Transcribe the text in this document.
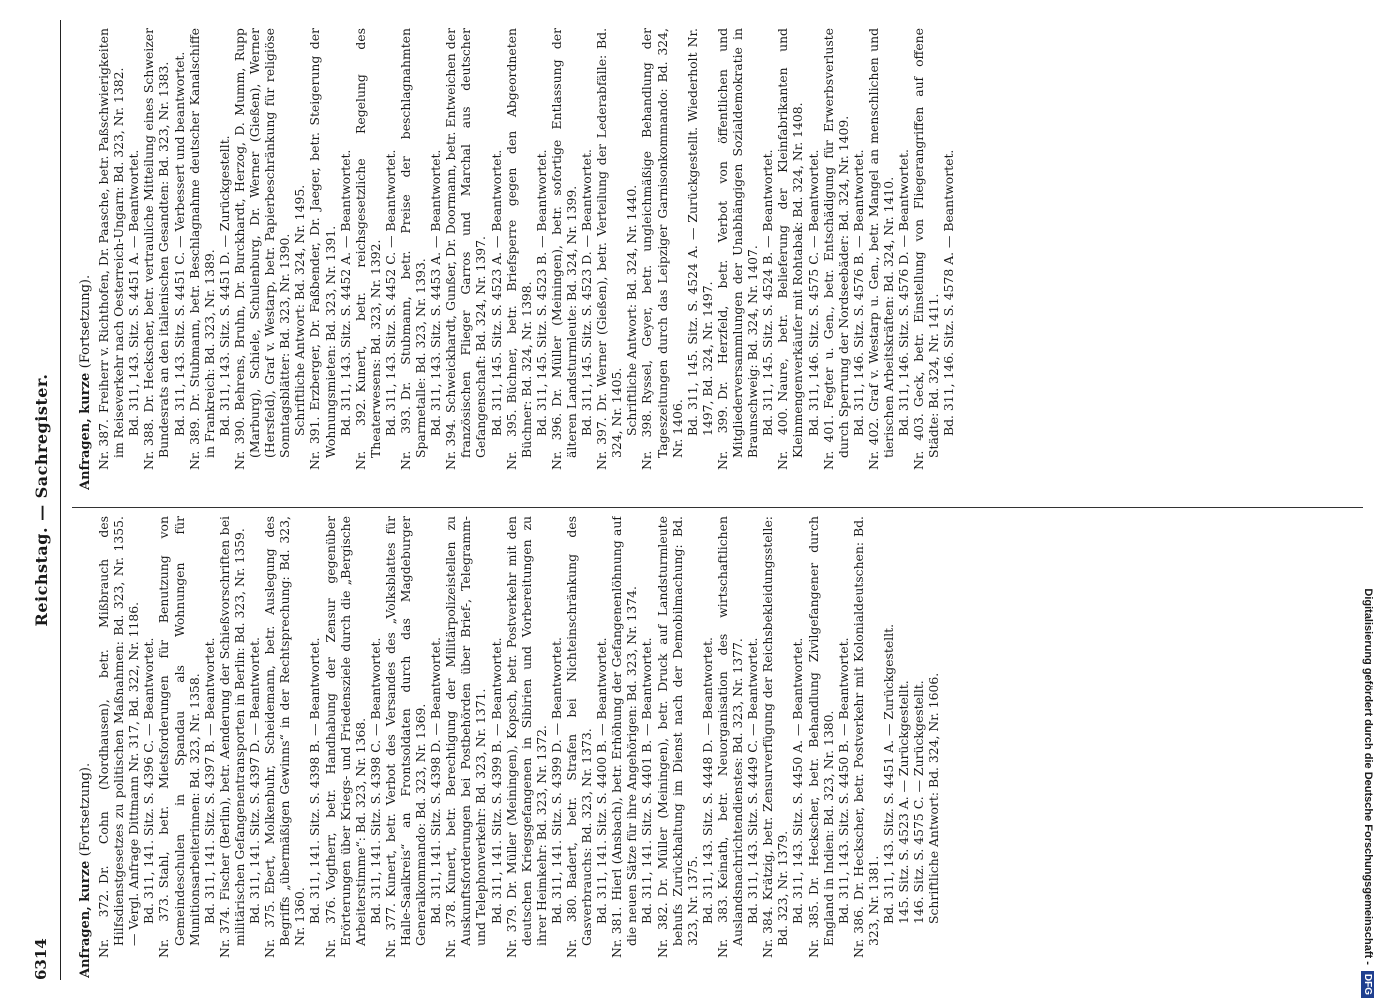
6314
Reichstag. — Sachregister.

Anfragen, kurze (Fortsetzung).

Nr. 372.Dr. Cohn (Nordhausen), betr. Mißbrauch des Hilfsdienstgesetzes zu politischen Maßnahmen: Bd. 323, Nr. 1355. — Vergl. Anfrage Dittmann Nr. 317, Bd. 322, Nr. 1186. Bd. 311, 141. Sitz. S. 4396 C. — Beantwortet.

Nr. 373.Stahl, betr. Mietsforderungen für Benutzung von Gemeindeschulen in Spandau als Wohnungen für Munitionsarbeiterinnen: Bd. 323, Nr. 1358. Bd. 311, 141. Sitz. S. 4397 B. — Beantwortet.

Nr. 374.Fischer (Berlin), betr. Aenderung der Schießvorschriften bei militärischen Gefangenentransporten in Berlin: Bd. 323, Nr. 1359. Bd. 311, 141. Sitz. S. 4397 D. — Beantwortet.

Nr. 375.Ebert, Molkenbuhr, Scheidemann, betr. Auslegung des Begriffs „übermäßigen Gewinns“ in der Rechtsprechung: Bd. 323, Nr. 1360. Bd. 311, 141. Sitz. S. 4398 B. — Beantwortet.

Nr. 376.Vogtherr, betr. Handhabung der Zensur gegenüber Erörterungen über Kriegs- und Friedensziele durch die „Bergische Arbeiterstimme“: Bd. 323, Nr. 1368. Bd. 311, 141. Sitz. S. 4398 C. — Beantwortet.

Nr. 377.Kunert, betr. Verbot des Versandes des „Volksblattes für Halle-Saalkreis“ an Frontsoldaten durch das Magdeburger Generalkommando: Bd. 323, Nr. 1369. Bd. 311, 141. Sitz. S. 4398 D. — Beantwortet.

Nr. 378.Kunert, betr. Berechtigung der Militärpolizeistellen zu Auskunftsforderungen bei Postbehörden über Brief-, Telegramm- und Telephonverkehr: Bd. 323, Nr. 1371. Bd. 311, 141. Sitz. S. 4399 B. — Beantwortet.

Nr. 379.Dr. Müller (Meiningen), Kopsch, betr. Postverkehr mit den deutschen Kriegsgefangenen in Sibirien und Vorbereitungen zu ihrer Heimkehr: Bd. 323, Nr. 1372. Bd. 311, 141. Sitz. S. 4399 D. — Beantwortet.

Nr. 380.Badert, betr. Strafen bei Nichteinschränkung des Gasverbrauchs: Bd. 323, Nr. 1373. Bd. 311, 141. Sitz. S. 4400 B. — Beantwortet.

Nr. 381.Hierl (Ansbach), betr. Erhöhung der Gefangenenlöhnung auf die neuen Sätze für ihre Angehörigen: Bd. 323, Nr. 1374. Bd. 311, 141. Sitz. S. 4401 B. — Beantwortet.

Nr. 382.Dr. Müller (Meiningen), betr. Druck auf Landsturmleute behufs Zurückhaltung im Dienst nach der Demobilmachung: Bd. 323, Nr. 1375. Bd. 311, 143. Sitz. S. 4448 D. — Beantwortet.

Nr. 383.Keinath, betr. Neuorganisation des wirtschaftlichen Auslandsnachrichtendienstes: Bd. 323, Nr. 1377. Bd. 311, 143. Sitz. S. 4449 C. — Beantwortet.

Nr. 384.Krätzig, betr. Zensurverfügung der Reichsbekleidungsstelle: Bd. 323, Nr. 1379. Bd. 311, 143. Sitz. S. 4450 A. — Beantwortet.

Nr. 385.Dr. Heckscher, betr. Behandlung Zivilgefangener durch England in Indien: Bd. 323, Nr. 1380. Bd. 311, 143. Sitz. S. 4450 B. — Beantwortet.

Nr. 386.Dr. Heckscher, betr. Postverkehr mit Kolonialdeutschen: Bd. 323, Nr. 1381. Bd. 311, 143. Sitz. S. 4451 A. — Zurückgestellt. 145. Sitz. S. 4523 A. — Zurückgestellt. 146. Sitz. S. 4575 C. — Zurückgestellt. Schriftliche Antwort: Bd. 324, Nr. 1606.

Anfragen, kurze (Fortsetzung).

Nr. 387.Freiherr v. Richthofen, Dr. Paasche, betr. Paßschwierigkeiten im Reiseverkehr nach Oesterreich-Ungarn: Bd. 323, Nr. 1382. Bd. 311, 143. Sitz. S. 4451 A. — Beantwortet.

Nr. 388.Dr. Heckscher, betr. vertrauliche Mitteilung eines Schweizer Bundesrats an den italienischen Gesandten: Bd. 323, Nr. 1383. Bd. 311, 143. Sitz. S. 4451 C. — Verbessert und beantwortet.

Nr. 389.Dr. Stubmann, betr. Beschlagnahme deutscher Kanalschiffe in Frankreich: Bd. 323, Nr. 1389. Bd. 311, 143. Sitz. S. 4451 D. — Zurückgestellt.

Nr. 390.Behrens, Bruhn, Dr. Burckhardt, Herzog, D. Mumm, Rupp (Marburg), Schiele, Schulenburg, Dr. Werner (Gießen), Werner (Hersfeld), Graf v. Westarp, betr. Papierbeschränkung für religiöse Sonntagsblätter: Bd. 323, Nr. 1390. Schriftliche Antwort: Bd. 324, Nr. 1495.

Nr. 391.Erzberger, Dr. Faßbender, Dr. Jaeger, betr. Steigerung der Wohnungsmieten: Bd. 323, Nr. 1391. Bd. 311, 143. Sitz. S. 4452 A. — Beantwortet. Nr. 392.Kunert, betr. reichsgesetzliche Regelung des Theaterwesens: Bd. 323, Nr. 1392. Bd. 311, 143. Sitz. S. 4452 C. — Beantwortet.

Nr. 393.Dr. Stubmann, betr. Preise der beschlagnahmten Sparmetalle: Bd. 323, Nr. 1393. Bd. 311, 143. Sitz. S. 4453 A. — Beantwortet.

Nr. 394.Schweickhardt, Gunßer, Dr. Doormann, betr. Entweichen der französischen Flieger Garros und Marchal aus deutscher Gefangenschaft: Bd. 324, Nr. 1397. Bd. 311, 145. Sitz. S. 4523 A. — Beantwortet.

Nr. 395.Büchner, betr. Briefsperre gegen den Abgeordneten Büchner: Bd. 324, Nr. 1398. Bd. 311, 145. Sitz. S. 4523 B. — Beantwortet.

Nr. 396.Dr. Müller (Meiningen), betr. sofortige Entlassung der älteren Landsturmleute: Bd. 324, Nr. 1399. Bd. 311, 145. Sitz. S. 4523 D. — Beantwortet.

Nr. 397.Dr. Werner (Gießen), betr. Verteilung der Lederabfälle: Bd. 324, Nr. 1405. Schriftliche Antwort: Bd. 324, Nr. 1440.

Nr. 398.Ryssel, Geyer, betr. ungleichmäßige Behandlung der Tageszeitungen durch das Leipziger Garnisonkommando: Bd. 324, Nr. 1406. Bd. 311, 145. Sitz. S. 4524 A. — Zurückgestellt. Wiederholt Nr. 1497, Bd. 324, Nr. 1497.

Nr. 399.Dr. Herzfeld, betr. Verbot von öffentlichen und Mitgliederversammlungen der Unabhängigen Sozialdemokratie in Braunschweig: Bd. 324, Nr. 1407. Bd. 311, 145. Sitz. S. 4524 B. — Beantwortet.

Nr. 400.Naure, betr. Belieferung der Kleinfabrikanten und Kleinmengenverkäufer mit Rohtabak: Bd. 324, Nr. 1408. Bd. 311, 146. Sitz. S. 4575 C. — Beantwortet.

Nr. 401.Fegter u. Gen., betr. Entschädigung für Erwerbsverluste durch Sperrung der Nordseebäder: Bd. 324, Nr. 1409. Bd. 311, 146. Sitz. S. 4576 B. — Beantwortet.

Nr. 402.Graf v. Westarp u. Gen., betr. Mangel an menschlichen und tierischen Arbeitskräften: Bd. 324, Nr. 1410. Bd. 311, 146. Sitz. S. 4576 D. — Beantwortet.

Nr. 403.Geck, betr. Einstellung von Fliegerangriffen auf offene Städte: Bd. 324, Nr. 1411. Bd. 311, 146. Sitz. S. 4578 A. — Beantwortet.

Digitalisierung gefördert durch die Deutsche Forschungsgemeinschaft -
DFG
